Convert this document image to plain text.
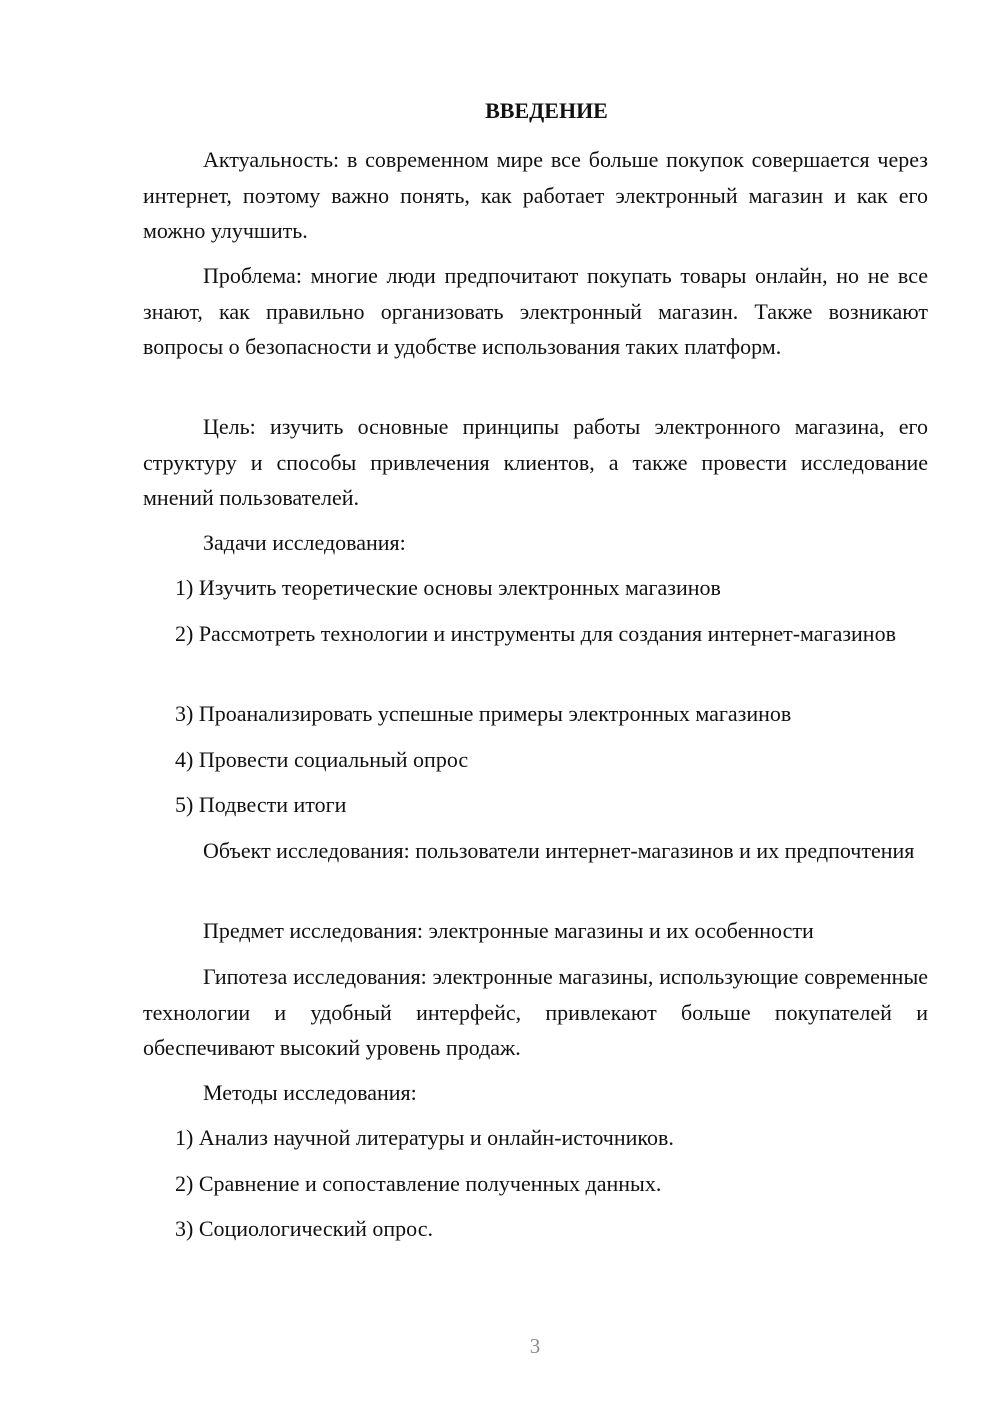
ВВЕДЕНИЕ

Актуальность: в современном мире все больше покупок совершается через интернет, поэтому важно понять, как работает электронный магазин и как его можно улучшить.

Проблема: многие люди предпочитают покупать товары онлайн, но не все знают, как правильно организовать электронный магазин. Также возникают вопросы о безопасности и удобстве использования таких платформ.

Цель: изучить основные принципы работы электронного магазина, его структуру и способы привлечения клиентов, а также провести исследование мнений пользователей.

Задачи исследования:

1) Изучить теоретические основы электронных магазинов

2) Рассмотреть технологии и инструменты для создания интернет-магазинов

3) Проанализировать успешные примеры электронных магазинов

4) Провести социальный опрос

5) Подвести итоги

Объект исследования: пользователи интернет-магазинов и их предпочтения

Предмет исследования: электронные магазины и их особенности

Гипотеза исследования: электронные магазины, использующие современные технологии и удобный интерфейс, привлекают больше покупателей и обеспечивают высокий уровень продаж.

Методы исследования:

1) Анализ научной литературы и онлайн-источников.

2) Сравнение и сопоставление полученных данных.

3) Социологический опрос.

3
